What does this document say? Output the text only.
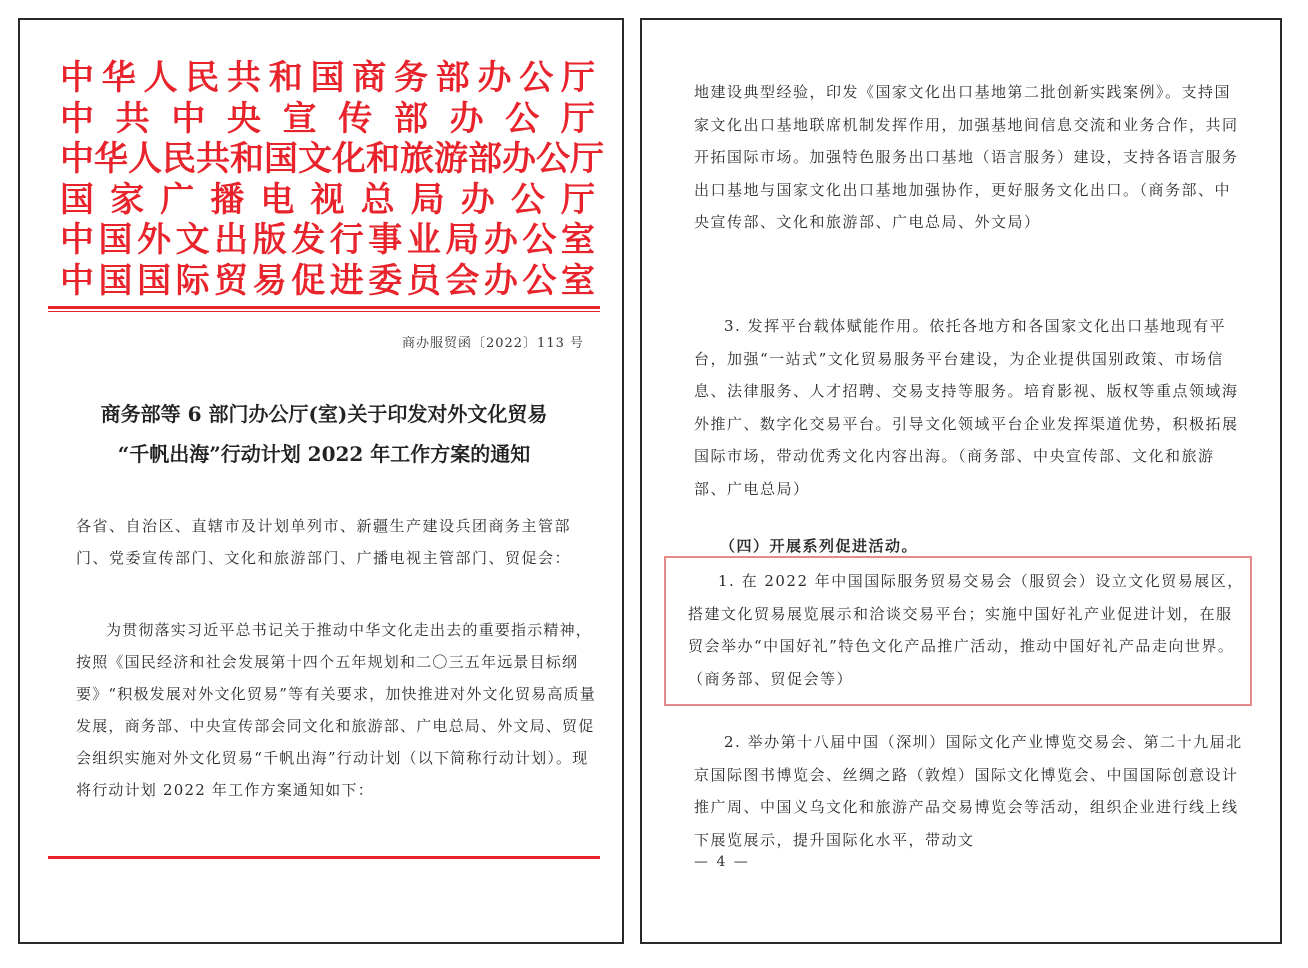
中 华 人 民 共 和 国 商 务 部 办 公 厅
中 共 中 央 宣 传 部 办 公 厅
中 华 人 民 共 和 国 文 化 和 旅 游 部 办 公 厅
国 家 广 播 电 视 总 局 办 公 厅
中 国 外 文 出 版 发 行 事 业 局 办 公 室
中 国 国 际 贸 易 促 进 委 员 会 办 公 室
商办服贸函〔2022〕113 号
商务部等 6 部门办公厅(室)关于印发对外文化贸易
“千帆出海”行动计划 2022 年工作方案的通知
各省、自治区、直辖市及计划单列市、新疆生产建设兵团商务主管部门、党委宣传部门、文化和旅游部门、广播电视主管部门、贸促会：
为贯彻落实习近平总书记关于推动中华文化走出去的重要指示精神，按照《国民经济和社会发展第十四个五年规划和二〇三五年远景目标纲要》“积极发展对外文化贸易”等有关要求，加快推进对外文化贸易高质量发展，商务部、中央宣传部会同文化和旅游部、广电总局、外文局、贸促会组织实施对外文化贸易“千帆出海”行动计划（以下简称行动计划）。现将行动计划 2022 年工作方案通知如下：
地建设典型经验，印发《国家文化出口基地第二批创新实践案例》。支持国家文化出口基地联席机制发挥作用，加强基地间信息交流和业务合作，共同开拓国际市场。加强特色服务出口基地（语言服务）建设，支持各语言服务出口基地与国家文化出口基地加强协作，更好服务文化出口。（商务部、中央宣传部、文化和旅游部、广电总局、外文局）
3. 发挥平台载体赋能作用。依托各地方和各国家文化出口基地现有平台，加强“一站式”文化贸易服务平台建设，为企业提供国别政策、市场信息、法律服务、人才招聘、交易支持等服务。培育影视、版权等重点领域海外推广、数字化交易平台。引导文化领域平台企业发挥渠道优势，积极拓展国际市场，带动优秀文化内容出海。（商务部、中央宣传部、文化和旅游部、广电总局）
（四）开展系列促进活动。
1. 在 2022 年中国国际服务贸易交易会（服贸会）设立文化贸易展区，搭建文化贸易展览展示和洽谈交易平台；实施中国好礼产业促进计划，在服贸会举办“中国好礼”特色文化产品推广活动，推动中国好礼产品走向世界。（商务部、贸促会等）
2. 举办第十八届中国（深圳）国际文化产业博览交易会、第二十九届北京国际图书博览会、丝绸之路（敦煌）国际文化博览会、中国国际创意设计推广周、中国义乌文化和旅游产品交易博览会等活动，组织企业进行线上线下展览展示，提升国际化水平，带动文
— 4 —
